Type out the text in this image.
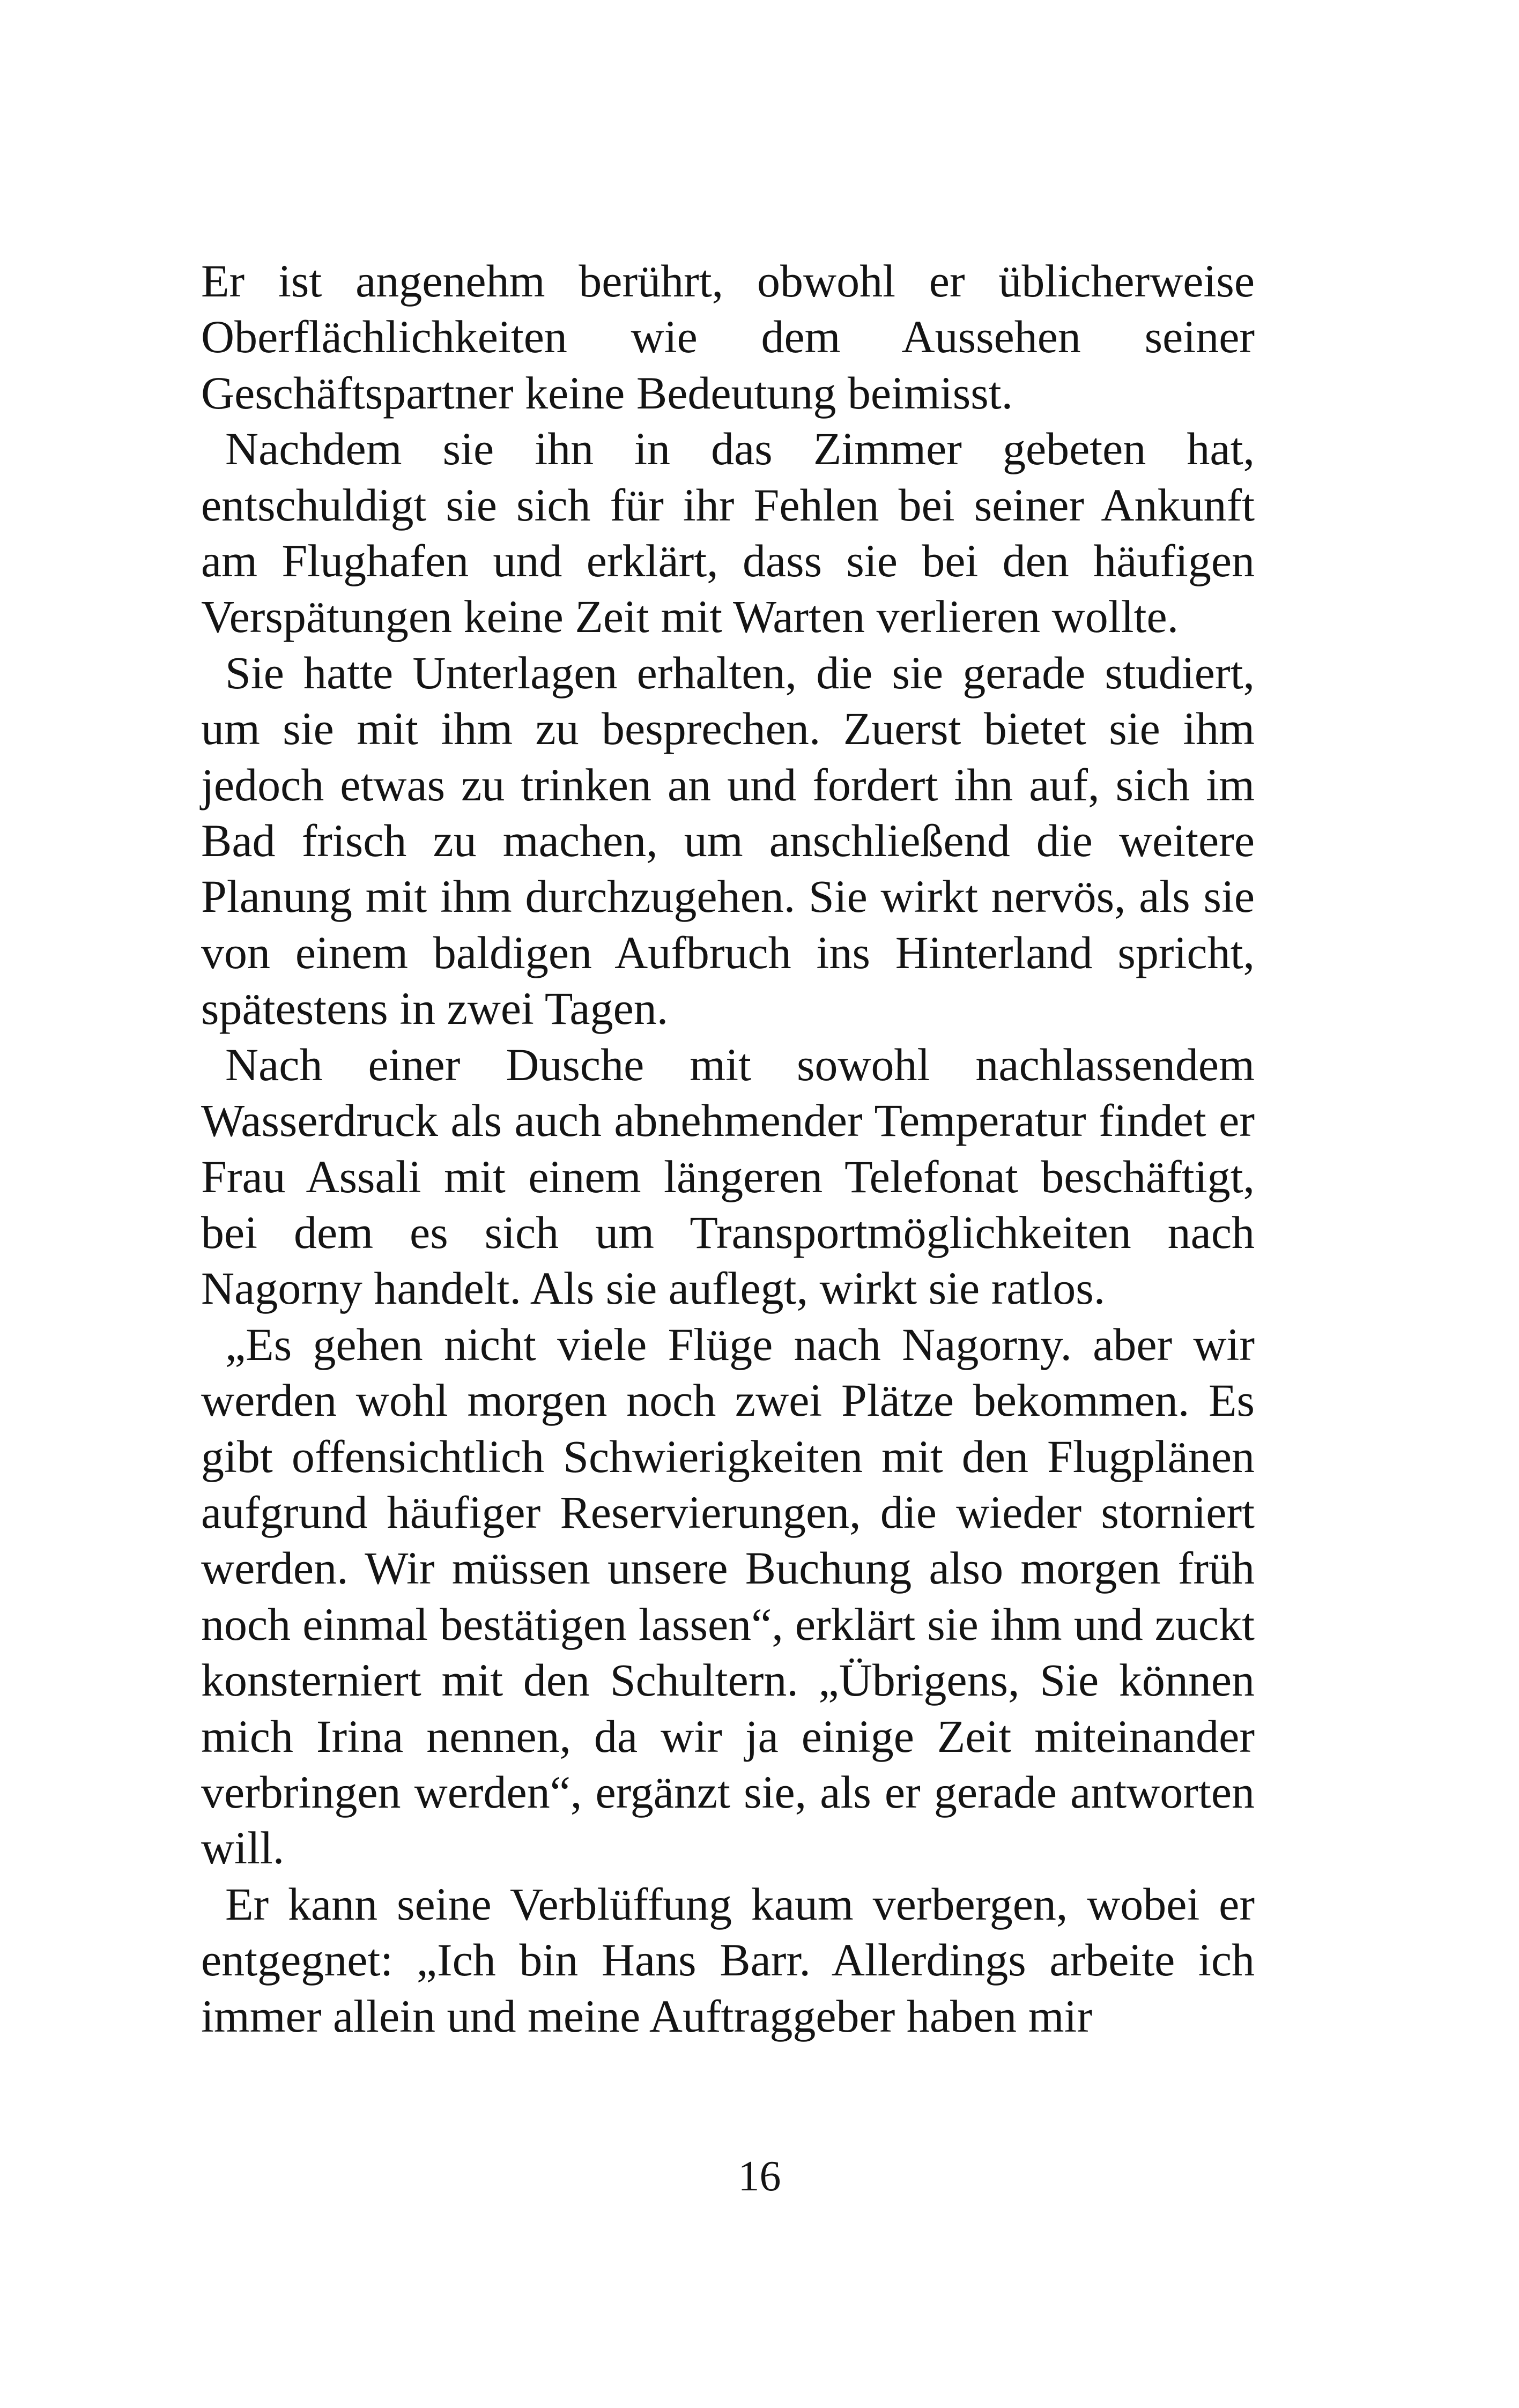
Er ist angenehm berührt, obwohl er üblicherweise Oberflächlichkeiten wie dem Aussehen seiner Geschäftspartner keine Bedeutung beimisst.

Nachdem sie ihn in das Zimmer gebeten hat, entschuldigt sie sich für ihr Fehlen bei seiner Ankunft am Flughafen und erklärt, dass sie bei den häufigen Verspätungen keine Zeit mit Warten verlieren wollte.

Sie hatte Unterlagen erhalten, die sie gerade studiert, um sie mit ihm zu besprechen. Zuerst bietet sie ihm jedoch etwas zu trinken an und fordert ihn auf, sich im Bad frisch zu machen, um anschließend die weitere Planung mit ihm durchzugehen. Sie wirkt nervös, als sie von einem baldigen Aufbruch ins Hinterland spricht, spätestens in zwei Tagen.

Nach einer Dusche mit sowohl nachlassendem Wasserdruck als auch abnehmender Temperatur findet er Frau Assali mit einem längeren Telefonat beschäftigt, bei dem es sich um Transportmöglichkeiten nach Nagorny handelt. Als sie auflegt, wirkt sie ratlos.

„Es gehen nicht viele Flüge nach Nagorny. aber wir werden wohl morgen noch zwei Plätze bekommen. Es gibt offensichtlich Schwierigkeiten mit den Flugplänen aufgrund häufiger Reservierungen, die wieder storniert werden. Wir müssen unsere Buchung also morgen früh noch einmal bestätigen lassen“, erklärt sie ihm und zuckt konsterniert mit den Schultern. „Übrigens, Sie können mich Irina nennen, da wir ja einige Zeit miteinander verbringen werden“, ergänzt sie, als er gerade antworten will.

Er kann seine Verblüffung kaum verbergen, wobei er entgegnet: „Ich bin Hans Barr. Allerdings arbeite ich immer allein und meine Auftraggeber haben mir

16
